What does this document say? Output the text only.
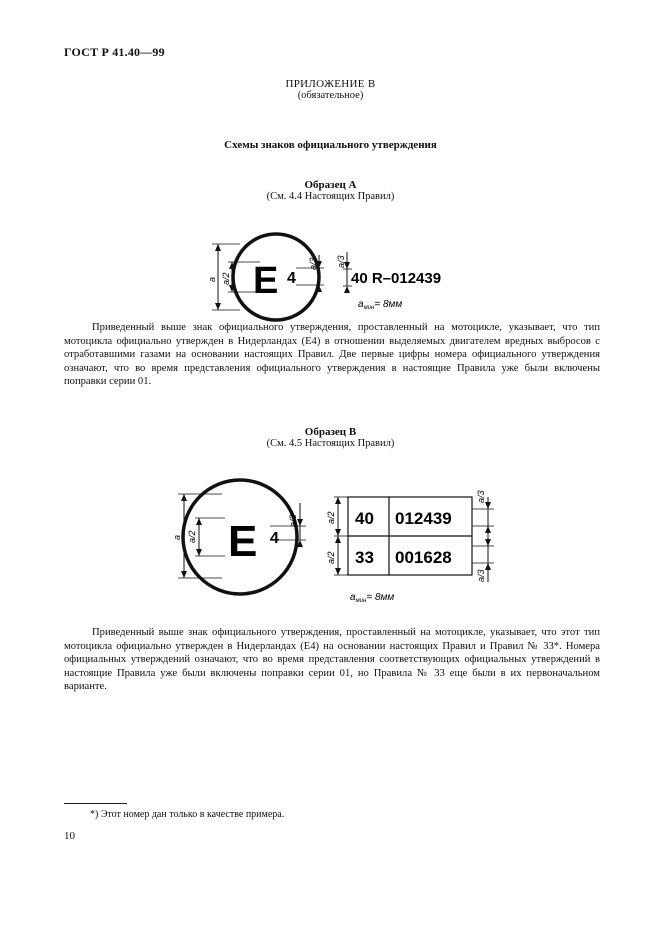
ГОСТ Р 41.40—99
ПРИЛОЖЕНИЕ В
(обязательное)
Схемы знаков официального утверждения
Образец А
(См. 4.4 Настоящих Правил)
E 4	40 R–012439
a a/2
a/3 a/3
$a_{мин}= 8мм$

Приведенный выше знак официального утверждения, проставленный на мотоцикле, указывает, что тип мотоцикла официально утвержден в Нидерландах (E4) в отношении выделяемых двигателем вредных выбросов с отработавшими газами на основании настоящих Правил. Две первые цифры номера официального утверждения означают, что во время представления официального утверждения в настоящие Правила уже были включены поправки серии 01.

Образец В
(См. 4.5 Настоящих Правил)
E 4
40 012439
33 001628
a a/2
a/3	a/2
a/2
a/3
a/3
$a_{мин}= 8мм$

Приведенный выше знак официального утверждения, проставленный на мотоцикле, указывает, что этот тип мотоцикла официально утвержден в Нидерландах (E4) на основании настоящих Правил и Правил № 33*. Номера официальных утверждений означают, что во время представления соответствующих официальных утверждений в настоящие Правила уже были включены поправки серии 01, но Правила № 33 еще были в их первоначальном варианте.

*) Этот номер дан только в качестве примера.
10
